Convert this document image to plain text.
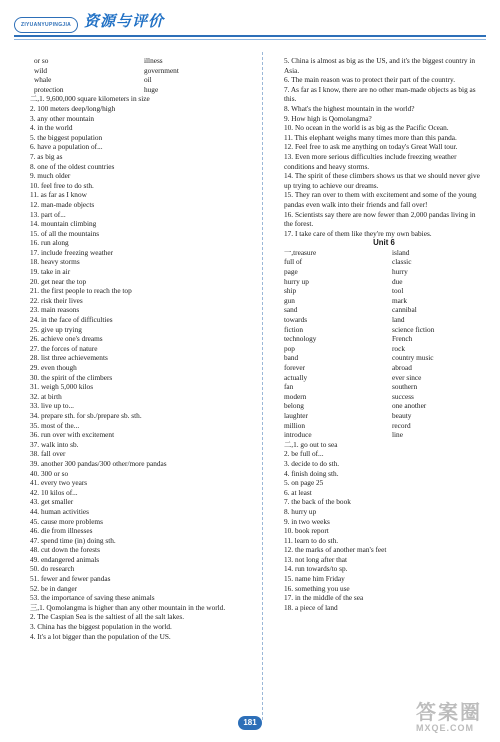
ZIYUANYUPINGJIA 资源与评价
or so	illness
wild	government
whale	oil
protection	huge
二,1. 9,600,000 square kilometers in size
2. 100 meters deep/long/high
3. any other mountain
4. in the world
5. the biggest population
6. have a population of...
7. as big as
8. one of the oldest countries
9. much older
10. feel free to do sth.
11. as far as I know
12. man-made objects
13. part of...
14. mountain climbing
15. of all the mountains
16. run along
17. include freezing weather
18. heavy storms
19. take in air
20. get near the top
21. the first people to reach the top
22. risk their lives
23. main reasons
24. in the face of difficulties
25. give up trying
26. achieve one's dreams
27. the forces of nature
28. list three achievements
29. even though
30. the spirit of the climbers
31. weigh 5,000 kilos
32. at birth
33. live up to...
34. prepare sth. for sb./prepare sb. sth.
35. most of the...
36. run over with excitement
37. walk into sb.
38. fall over
39. another 300 pandas/300 other/more pandas
40. 300 or so
41. every two years
42. 10 kilos of...
43. get smaller
44. human activities
45. cause more problems
46. die from illnesses
47. spend time (in) doing sth.
48. cut down the forests
49. endangered animals
50. do research
51. fewer and fewer pandas
52. be in danger
53. the importance of saving these animals
三,1. Qomolangma is higher than any other mountain in the world.
2. The Caspian Sea is the saltiest of all the salt lakes.
3. China has the biggest population in the world.
4. It's a lot bigger than the population of the US.
5. China is almost as big as the US, and it's the biggest country in Asia.
6. The main reason was to protect their part of the country.
7. As far as I know, there are no other man-made objects as big as this.
8. What's the highest mountain in the world?
9. How high is Qomolangma?
10. No ocean in the world is as big as the Pacific Ocean.
11. This elephant weighs many times more than this panda.
12. Feel free to ask me anything on today's Great Wall tour.
13. Even more serious difficulties include freezing weather conditions and heavy storms.
14. The spirit of these climbers shows us that we should never give up trying to achieve our dreams.
15. They ran over to them with excitement and some of the young pandas even walk into their friends and fall over!
16. Scientists say there are now fewer than 2,000 pandas living in the forest.
17. I take care of them like they're my own babies.
Unit 6
一,treasure	island
full of	classic
page	hurry
hurry up	due
ship	tool
gun	mark
sand	cannibal
towards	land
fiction	science fiction
technology	French
pop	rock
band	country music
forever	abroad
actually	ever since
fan	southern
modern	success
belong	one another
laughter	beauty
million	record
introduce	line
二,1. go out to sea
2. be full of...
3. decide to do sth.
4. finish doing sth.
5. on page 25
6. at least
7. the back of the book
8. hurry up
9. in two weeks
10. book report
11. learn to do sth.
12. the marks of another man's feet
13. not long after that
14. run towards/to sp.
15. name him Friday
16. something you use
17. in the middle of the sea
18. a piece of land
181	答案圈
MXQE.COM
